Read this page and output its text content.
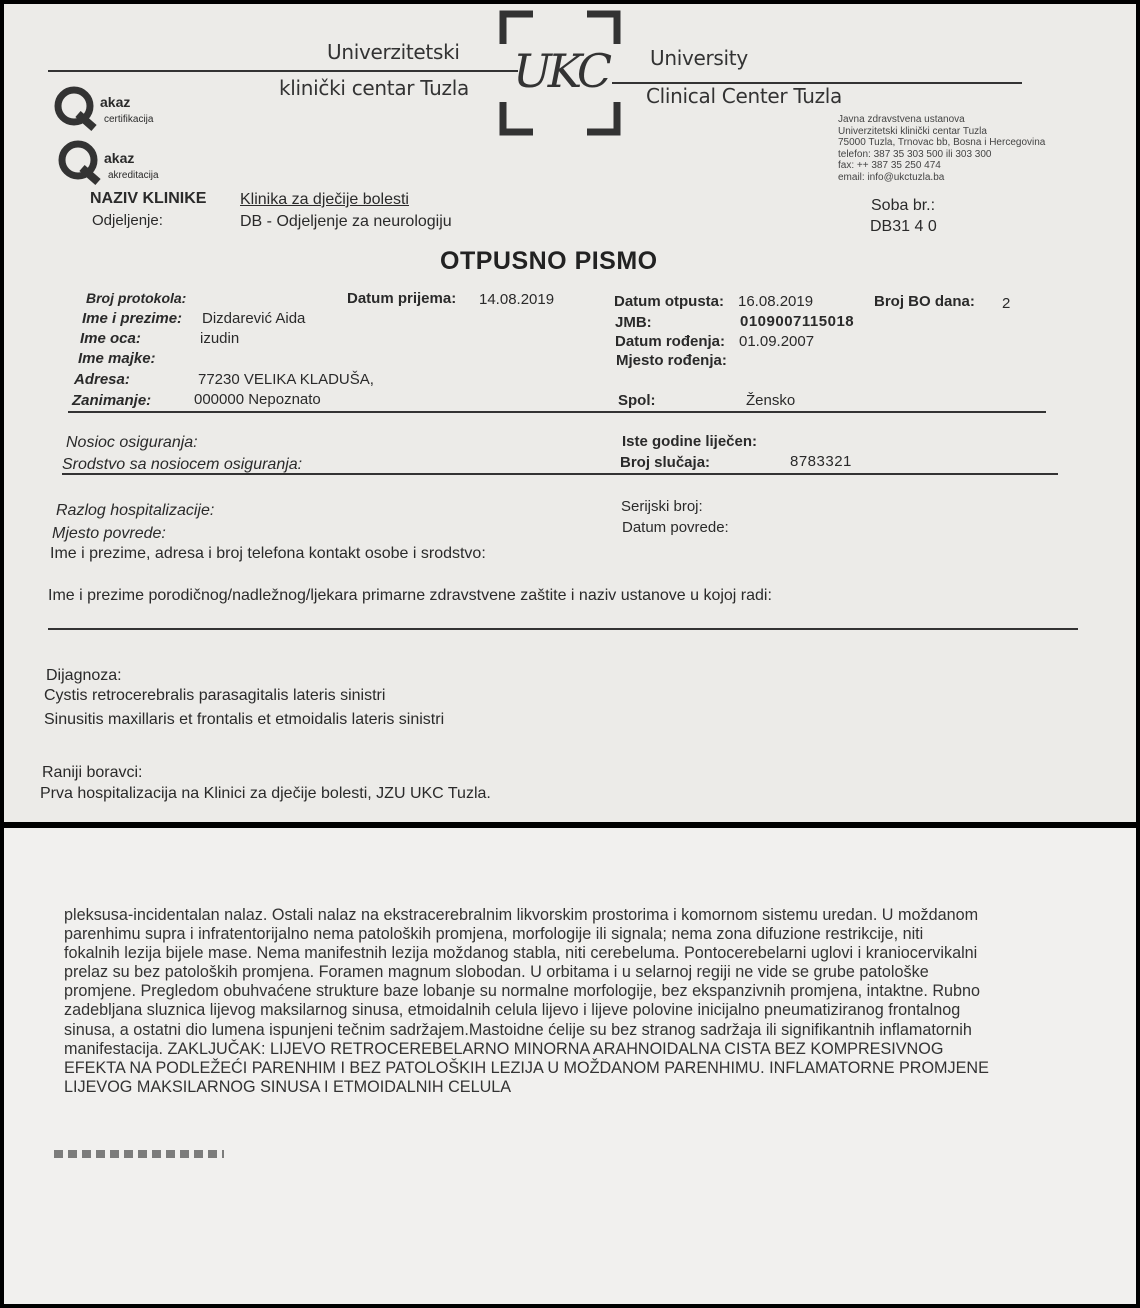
Univerzitetski
klinički centar Tuzla
University
Clinical Center Tuzla
UKC
akaz
certifikacija
akaz
akreditacija
Javna zdravstvena ustanova
Univerzitetski klinički centar Tuzla
75000 Tuzla, Trnovac bb, Bosna i Hercegovina
telefon: 387 35 303 500 ili 303 300
fax: ++ 387 35 250 474
email: info@ukctuzla.ba
NAZIV KLINIKE Klinika za dječije bolesti
Odjeljenje:	DB - Odjeljenje za neurologiju
Soba br.:
DB31 4 0
OTPUSNO PISMO
Broj protokola:	Datum prijema: 14.08.2019	Datum otpusta: 16.08.2019	Broj BO dana: 2
Ime i prezime: Dizdarević Aida	JMB:	0109007115018
Ime oca:	izudin	Datum rođenja: 01.09.2007
Ime majke:	Mjesto rođenja:
Adresa:	77230 VELIKA KLADUŠA,
Zanimanje:	000000 Nepoznato	Spol:	Žensko
Nosioc osiguranja:
Srodstvo sa nosiocem osiguranja:
Iste godine liječen:
Broj slučaja:	8783321
Razlog hospitalizacije:	Serijski broj:
Mjesto povrede:	Datum povrede:
Ime i prezime, adresa i broj telefona kontakt osobe i srodstvo:
Ime i prezime porodičnog/nadležnog/ljekara primarne zdravstvene zaštite i naziv ustanove u kojoj radi:
Dijagnoza:
Cystis retrocerebralis parasagitalis lateris sinistri
Sinusitis maxillaris et frontalis et etmoidalis lateris sinistri
Raniji boravci:
Prva hospitalizacija na Klinici za dječije bolesti, JZU UKC Tuzla.
pleksusa-incidentalan nalaz. Ostali nalaz na ekstracerebralnim likvorskim prostorima i komornom sistemu uredan. U moždanom
parenhimu supra i infratentorijalno nema patoloških promjena, morfologije ili signala; nema zona difuzione restrikcije, niti
fokalnih lezija bijele mase. Nema manifestnih lezija moždanog stabla, niti cerebeluma. Pontocerebelarni uglovi i kraniocervikalni
prelaz su bez patoloških promjena. Foramen magnum slobodan. U orbitama i u selarnoj regiji ne vide se grube patološke
promjene. Pregledom obuhvaćene strukture baze lobanje su normalne morfologije, bez ekspanzivnih promjena, intaktne. Rubno
zadebljana sluznica lijevog maksilarnog sinusa, etmoidalnih celula lijevo i lijeve polovine inicijalno pneumatiziranog frontalnog
sinusa, a ostatni dio lumena ispunjeni tečnim sadržajem.Mastoidne ćelije su bez stranog sadržaja ili signifikantnih inflamatornih
manifestacija. ZAKLJUČAK: LIJEVO RETROCEREBELARNO MINORNA ARAHNOIDALNA CISTA BEZ KOMPRESIVNOG
EFEKTA NA PODLEŽEĆI PARENHIM I BEZ PATOLOŠKIH LEZIJA U MOŽDANOM PARENHIMU. INFLAMATORNE PROMJENE
LIJEVOG MAKSILARNOG SINUSA I ETMOIDALNIH CELULA
